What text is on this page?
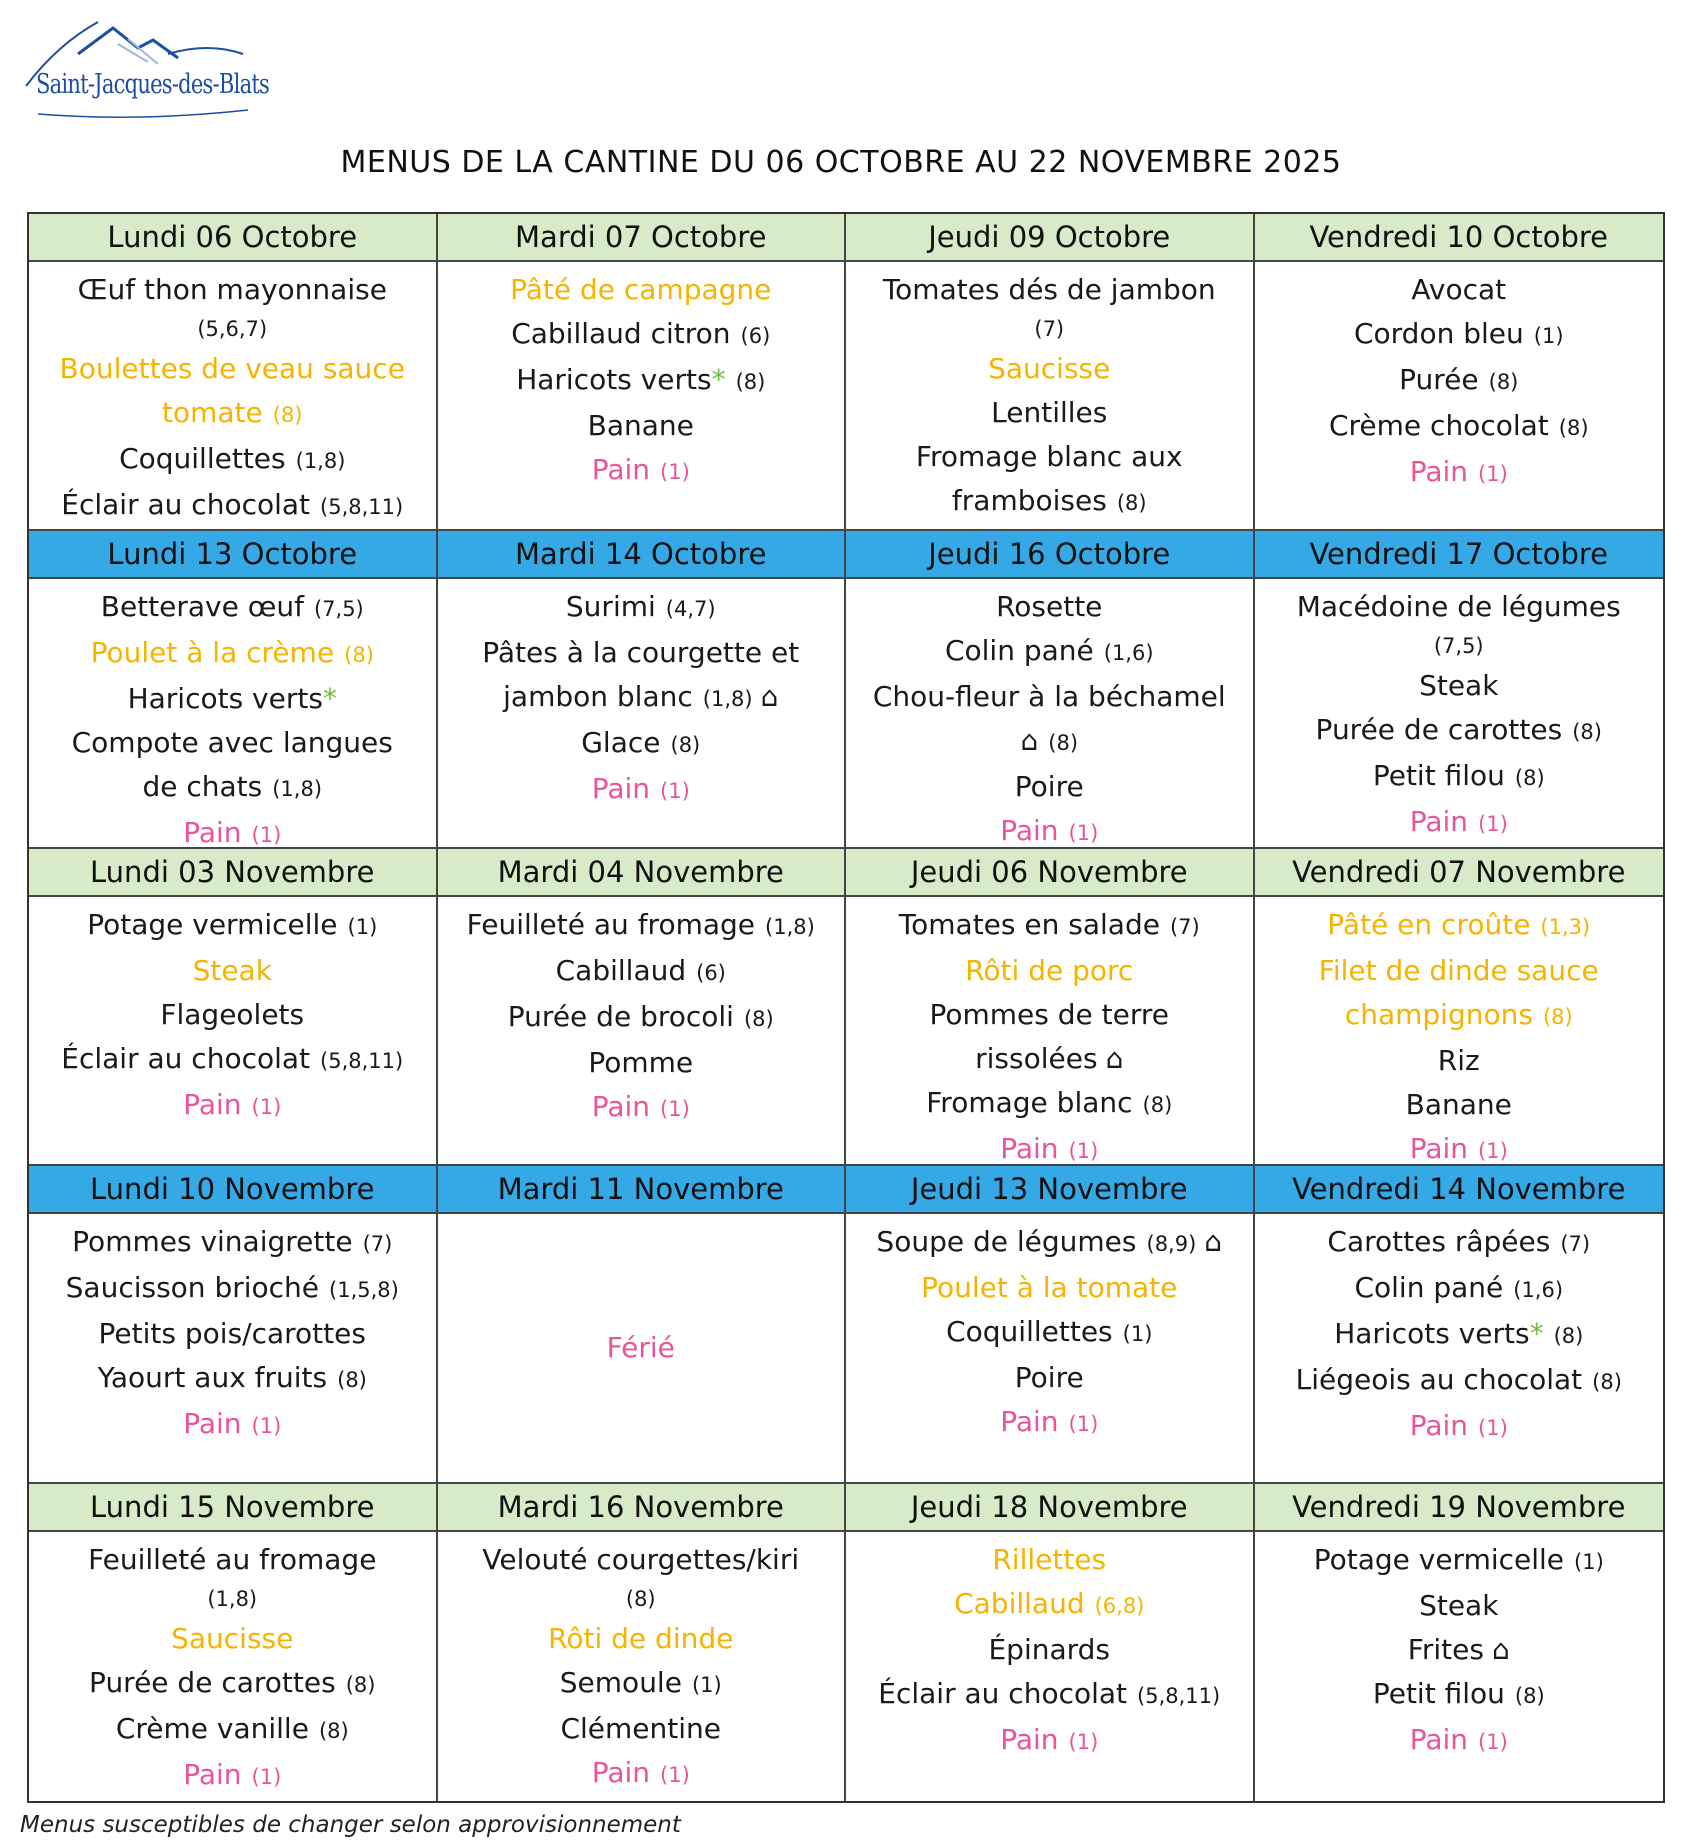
Saint-Jacques-des-Blats
MENUS DE LA CANTINE DU 06 OCTOBRE AU 22 NOVEMBRE 2025
Lundi 06 Octobre
Œuf thon mayonnaise
(5,6,7)
Boulettes de veau sauce
tomate (8)
Coquillettes (1,8)
Éclair au chocolat (5,8,11)
Mardi 07 Octobre
Pâté de campagne
Cabillaud citron (6)
Haricots verts* (8)
Banane
Pain (1)
Jeudi 09 Octobre
Tomates dés de jambon
(7)
Saucisse
Lentilles
Fromage blanc aux
framboises (8)
Vendredi 10 Octobre
Avocat
Cordon bleu (1)
Purée (8)
Crème chocolat (8)
Pain (1)
Lundi 13 Octobre
Betterave œuf (7,5)
Poulet à la crème (8)
Haricots verts*
Compote avec langues
de chats (1,8)
Pain (1)
Mardi 14 Octobre
Surimi (4,7)
Pâtes à la courgette et
jambon blanc (1,8) ⌂
Glace (8)
Pain (1)
Jeudi 16 Octobre
Rosette
Colin pané (1,6)
Chou-fleur à la béchamel
⌂ (8)
Poire
Pain (1)
Vendredi 17 Octobre
Macédoine de légumes
(7,5)
Steak
Purée de carottes (8)
Petit filou (8)
Pain (1)
Lundi 03 Novembre
Potage vermicelle (1)
Steak
Flageolets
Éclair au chocolat (5,8,11)
Pain (1)
Mardi 04 Novembre
Feuilleté au fromage (1,8)
Cabillaud (6)
Purée de brocoli (8)
Pomme
Pain (1)
Jeudi 06 Novembre
Tomates en salade (7)
Rôti de porc
Pommes de terre
rissolées ⌂
Fromage blanc (8)
Pain (1)
Vendredi 07 Novembre
Pâté en croûte (1,3)
Filet de dinde sauce
champignons (8)
Riz
Banane
Pain (1)
Lundi 10 Novembre
Pommes vinaigrette (7)
Saucisson brioché (1,5,8)
Petits pois/carottes
Yaourt aux fruits (8)
Pain (1)
Mardi 11 Novembre
Férié
Jeudi 13 Novembre
Soupe de légumes (8,9) ⌂
Poulet à la tomate
Coquillettes (1)
Poire
Pain (1)
Vendredi 14 Novembre
Carottes râpées (7)
Colin pané (1,6)
Haricots verts* (8)
Liégeois au chocolat (8)
Pain (1)
Lundi 15 Novembre
Feuilleté au fromage
(1,8)
Saucisse
Purée de carottes (8)
Crème vanille (8)
Pain (1)
Mardi 16 Novembre
Velouté courgettes/kiri
(8)
Rôti de dinde
Semoule (1)
Clémentine
Pain (1)
Jeudi 18 Novembre
Rillettes
Cabillaud (6,8)
Épinards
Éclair au chocolat (5,8,11)
Pain (1)
Vendredi 19 Novembre
Potage vermicelle (1)
Steak
Frites ⌂
Petit filou (8)
Pain (1)
Menus susceptibles de changer selon approvisionnement
